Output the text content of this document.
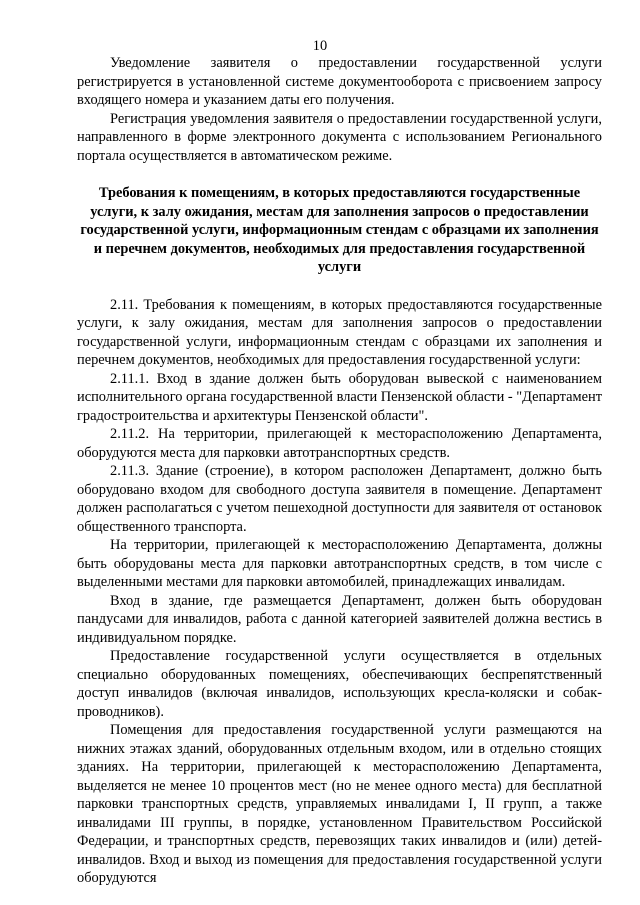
10

Уведомление заявителя о предоставлении государственной услуги регистрируется в установленной системе документооборота с присвоением запросу входящего номера и указанием даты его получения.

Регистрация уведомления заявителя о предоставлении государственной услуги, направленного в форме электронного документа с использованием Регионального портала осуществляется в автоматическом режиме.

Требования к помещениям, в которых предоставляются государственные услуги, к залу ожидания, местам для заполнения запросов о предоставлении государственной услуги, информационным стендам с образцами их заполнения и перечнем документов, необходимых для предоставления государственной услуги

2.11. Требования к помещениям, в которых предоставляются государственные услуги, к залу ожидания, местам для заполнения запросов о предоставлении государственной услуги, информационным стендам с образцами их заполнения и перечнем документов, необходимых для предоставления государственной услуги:

2.11.1. Вход в здание должен быть оборудован вывеской с наименованием исполнительного органа государственной власти Пензенской области - "Департамент градостроительства и архитектуры Пензенской области".

2.11.2. На территории, прилегающей к месторасположению Департамента, оборудуются места для парковки автотранспортных средств.

2.11.3. Здание (строение), в котором расположен Департамент, должно быть оборудовано входом для свободного доступа заявителя в помещение. Департамент должен располагаться с учетом пешеходной доступности для заявителя от остановок общественного транспорта.

На территории, прилегающей к месторасположению Департамента, должны быть оборудованы места для парковки автотранспортных средств, в том числе с выделенными местами для парковки автомобилей, принадлежащих инвалидам.

Вход в здание, где размещается Департамент, должен быть оборудован пандусами для инвалидов, работа с данной категорией заявителей должна вестись в индивидуальном порядке.

Предоставление государственной услуги осуществляется в отдельных специально оборудованных помещениях, обеспечивающих беспрепятственный доступ инвалидов (включая инвалидов, использующих кресла-коляски и собак-проводников).

Помещения для предоставления государственной услуги размещаются на нижних этажах зданий, оборудованных отдельным входом, или в отдельно стоящих зданиях. На территории, прилегающей к месторасположению Департамента, выделяется не менее 10 процентов мест (но не менее одного места) для бесплатной парковки транспортных средств, управляемых инвалидами I, II групп, а также инвалидами III группы, в порядке, установленном Правительством Российской Федерации, и транспортных средств, перевозящих таких инвалидов и (или) детей-инвалидов. Вход и выход из помещения для предоставления государственной услуги оборудуются
